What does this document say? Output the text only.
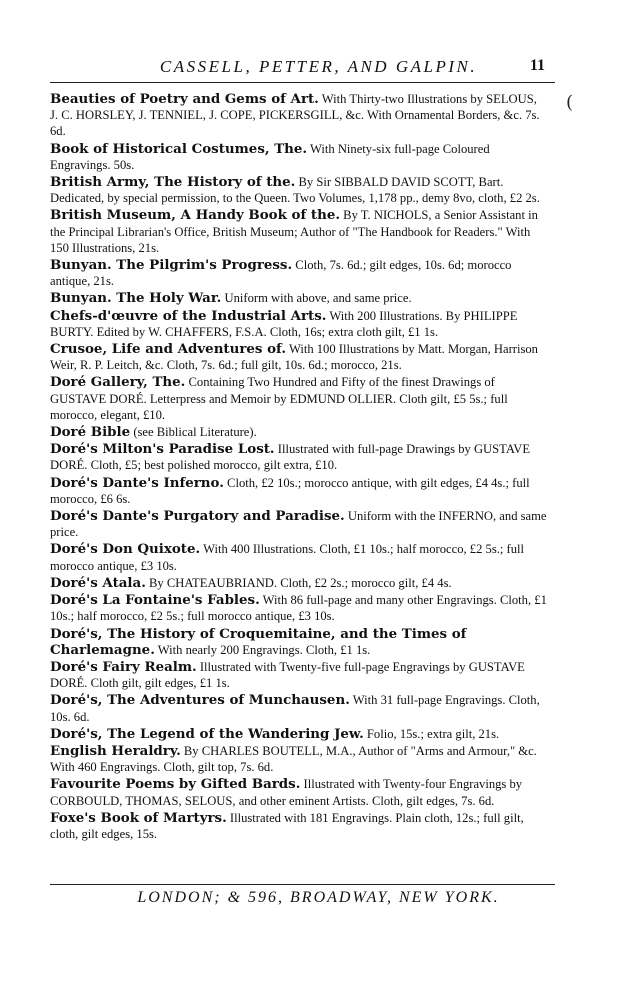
CASSELL, PETTER, AND GALPIN.	11
(

Beauties of Poetry and Gems of Art. With Thirty-two Illustrations by SELOUS, J. C. HORSLEY, J. TENNIEL, J. COPE, PICKERSGILL, &c. With Ornamental Borders, &c. 7s. 6d.

Book of Historical Costumes, The. With Ninety-six full-page Coloured Engravings. 50s.

British Army, The History of the. By Sir SIBBALD DAVID SCOTT, Bart. Dedicated, by special permission, to the Queen. Two Volumes, 1,178 pp., demy 8vo, cloth, £2 2s.

British Museum, A Handy Book of the. By T. NICHOLS, a Senior Assistant in the Principal Librarian's Office, British Museum; Author of "The Handbook for Readers." With 150 Illustrations, 21s.

Bunyan. The Pilgrim's Progress. Cloth, 7s. 6d.; gilt edges, 10s. 6d; morocco antique, 21s.

Bunyan. The Holy War. Uniform with above, and same price.

Chefs-d'œuvre of the Industrial Arts. With 200 Illustrations. By PHILIPPE BURTY. Edited by W. CHAFFERS, F.S.A. Cloth, 16s; extra cloth gilt, £1 1s.

Crusoe, Life and Adventures of. With 100 Illustrations by Matt. Morgan, Harrison Weir, R. P. Leitch, &c. Cloth, 7s. 6d.; full gilt, 10s. 6d.; morocco, 21s.

Doré Gallery, The. Containing Two Hundred and Fifty of the finest Drawings of GUSTAVE DORÉ. Letterpress and Memoir by EDMUND OLLIER. Cloth gilt, £5 5s.; full morocco, elegant, £10.

Doré Bible (see Biblical Literature).

Doré's Milton's Paradise Lost. Illustrated with full-page Drawings by GUSTAVE DORÉ. Cloth, £5; best polished morocco, gilt extra, £10.

Doré's Dante's Inferno. Cloth, £2 10s.; morocco antique, with gilt edges, £4 4s.; full morocco, £6 6s.

Doré's Dante's Purgatory and Paradise. Uniform with the INFERNO, and same price.

Doré's Don Quixote. With 400 Illustrations. Cloth, £1 10s.; half morocco, £2 5s.; full morocco antique, £3 10s.

Doré's Atala. By CHATEAUBRIAND. Cloth, £2 2s.; morocco gilt, £4 4s.

Doré's La Fontaine's Fables. With 86 full-page and many other Engravings. Cloth, £1 10s.; half morocco, £2 5s.; full morocco antique, £3 10s.

Doré's, The History of Croquemitaine, and the Times of Charlemagne. With nearly 200 Engravings. Cloth, £1 1s.

Doré's Fairy Realm. Illustrated with Twenty-five full-page Engravings by GUSTAVE DORÉ. Cloth gilt, gilt edges, £1 1s.

Doré's, The Adventures of Munchausen. With 31 full-page Engravings. Cloth, 10s. 6d.

Doré's, The Legend of the Wandering Jew. Folio, 15s.; extra gilt, 21s.

English Heraldry. By CHARLES BOUTELL, M.A., Author of "Arms and Armour," &c. With 460 Engravings. Cloth, gilt top, 7s. 6d.

Favourite Poems by Gifted Bards. Illustrated with Twenty-four Engravings by CORBOULD, THOMAS, SELOUS, and other eminent Artists. Cloth, gilt edges, 7s. 6d.

Foxe's Book of Martyrs. Illustrated with 181 Engravings. Plain cloth, 12s.; full gilt, cloth, gilt edges, 15s.

LONDON; & 596, BROADWAY, NEW YORK.
